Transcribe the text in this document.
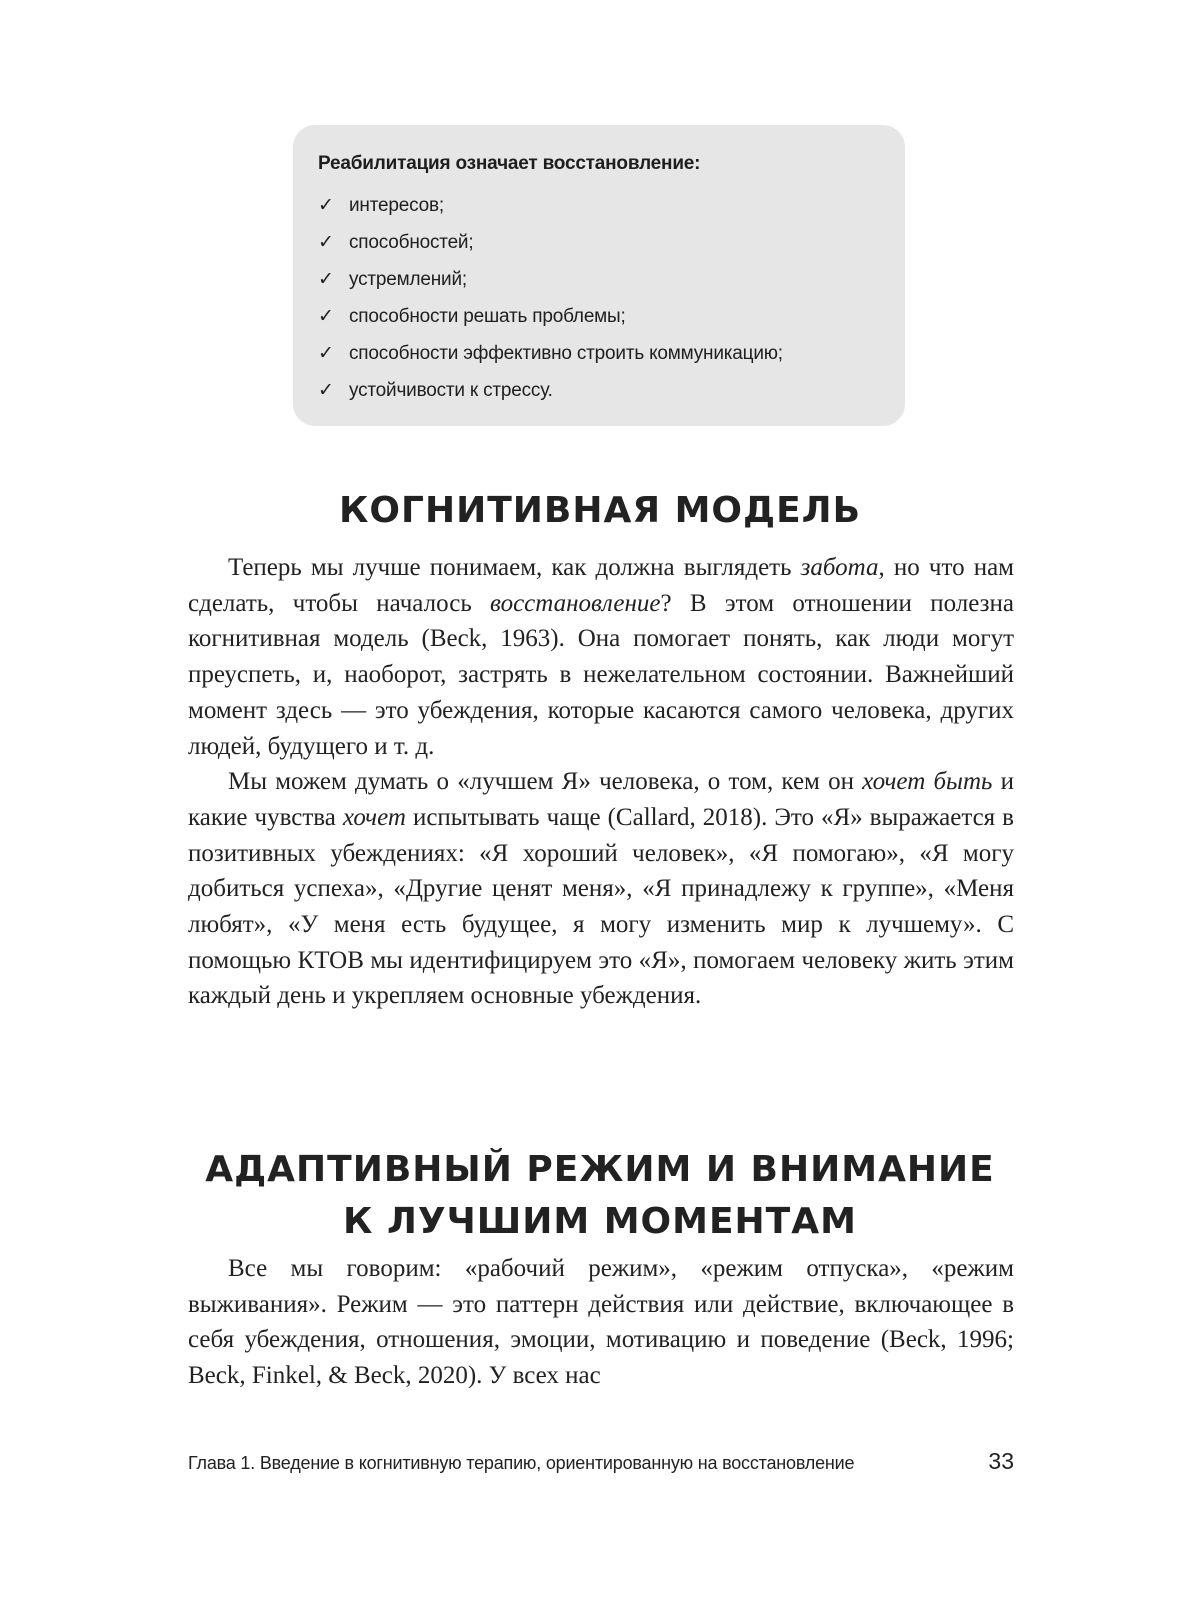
Реабилитация означает восстановление:
✓ интересов;
✓ способностей;
✓ устремлений;
✓ способности решать проблемы;
✓ способности эффективно строить коммуникацию;
✓ устойчивости к стрессу.
КОГНИТИВНАЯ МОДЕЛЬ

Теперь мы лучше понимаем, как должна выглядеть забота, но что нам сделать, чтобы началось восстановление? В этом отношении полезна когнитивная модель (Beck, 1963). Она помогает понять, как люди могут преуспеть, и, наоборот, застрять в нежелательном состоянии. Важнейший момент здесь — это убеждения, которые касаются самого человека, других людей, будущего и т. д.

Мы можем думать о «лучшем Я» человека, о том, кем он хочет быть и какие чувства хочет испытывать чаще (Callard, 2018). Это «Я» выражается в позитивных убеждениях: «Я хороший человек», «Я помогаю», «Я могу добиться успеха», «Другие ценят меня», «Я принадлежу к группе», «Меня любят», «У меня есть будущее, я могу изменить мир к лучшему». С помощью КТОВ мы идентифицируем это «Я», помогаем человеку жить этим каждый день и укрепляем основные убеждения.

АДАПТИВНЫЙ РЕЖИМ И ВНИМАНИЕ
К ЛУЧШИМ МОМЕНТАМ

Все мы говорим: «рабочий режим», «режим отпуска», «режим выживания». Режим — это паттерн действия или действие, включающее в себя убеждения, отношения, эмоции, мотивацию и поведение (Beck, 1996; Beck, Finkel, & Beck, 2020). У всех нас

Глава 1. Введение в когнитивную терапию, ориентированную на восстановление	33
